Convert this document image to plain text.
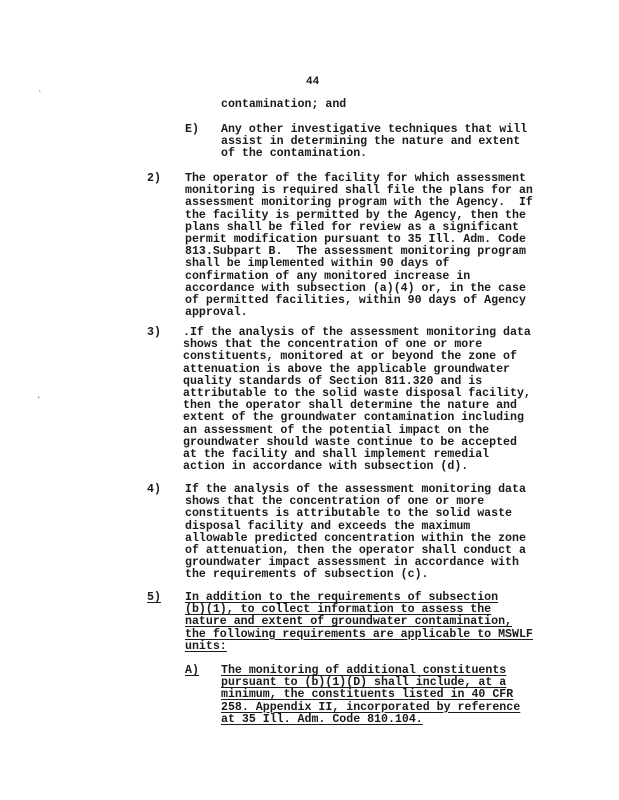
44
ˎ
.
contamination; and
E) Any other investigative techniques that will
assist in determining the nature and extent
of the contamination.
2) The operator of the facility for which assessment
monitoring is required shall file the plans for an
assessment monitoring program with the Agency.  If
the facility is permitted by the Agency, then the
plans shall be filed for review as a significant
permit modification pursuant to 35 Ill. Adm. Code
813.Subpart B.  The assessment monitoring program
shall be implemented within 90 days of
confirmation of any monitored increase in
accordance with subsection (a)(4) or, in the case
of permitted facilities, within 90 days of Agency
approval.
3) .If the analysis of the assessment monitoring data
shows that the concentration of one or more
constituents, monitored at or beyond the zone of
attenuation is above the applicable groundwater
quality standards of Section 811.320 and is
attributable to the solid waste disposal facility,
then the operator shall determine the nature and
extent of the groundwater contamination including
an assessment of the potential impact on the
groundwater should waste continue to be accepted
at the facility and shall implement remedial
action in accordance with subsection (d).
4) If the analysis of the assessment monitoring data
shows that the concentration of one or more
constituents is attributable to the solid waste
disposal facility and exceeds the maximum
allowable predicted concentration within the zone
of attenuation, then the operator shall conduct a
groundwater impact assessment in accordance with
the requirements of subsection (c).
5) In addition to the requirements of subsection
(b)(1), to collect information to assess the
nature and extent of groundwater contamination,
the following requirements are applicable to MSWLF
units:
A) The monitoring of additional constituents
pursuant to (b)(1)(D) shall include, at a
minimum, the constituents listed in 40 CFR
258. Appendix II, incorporated by reference
at 35 Ill. Adm. Code 810.104.
